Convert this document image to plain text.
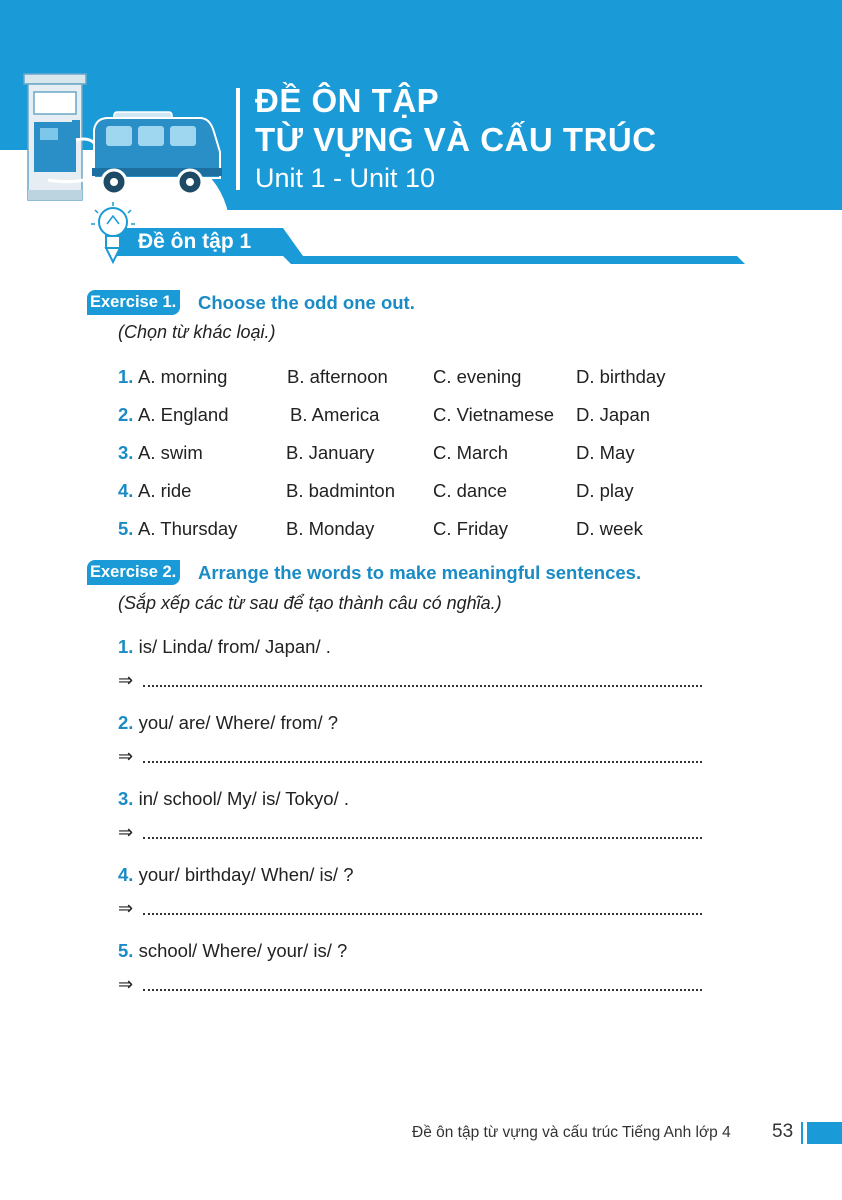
ĐỀ ÔN TẬP
TỪ VỰNG VÀ CẤU TRÚC
Unit 1 - Unit 10
Đề ôn tập 1
Exercise 1. Choose the odd one out.
(Chọn từ khác loại.)
1. A. morning	B. afternoon C. evening	D. birthday
2. A. England	B. America	C. Vietnamese D. Japan
3. A. swim	B. January	C. March	D. May
4. A. ride	B. badminton C. dance	D. play
5. A. Thursday	B. Monday	C. Friday	D. week
Exercise 2. Arrange the words to make meaningful sentences.
(Sắp xếp các từ sau để tạo thành câu có nghĩa.)
1. is/ Linda/ from/ Japan/ .
⇒
2. you/ are/ Where/ from/ ?
⇒
3. in/ school/ My/ is/ Tokyo/ .
⇒
4. your/ birthday/ When/ is/ ?
⇒
5. school/ Where/ your/ is/ ?
⇒
Đề ôn tập từ vựng và cấu trúc Tiếng Anh lớp 4 53
